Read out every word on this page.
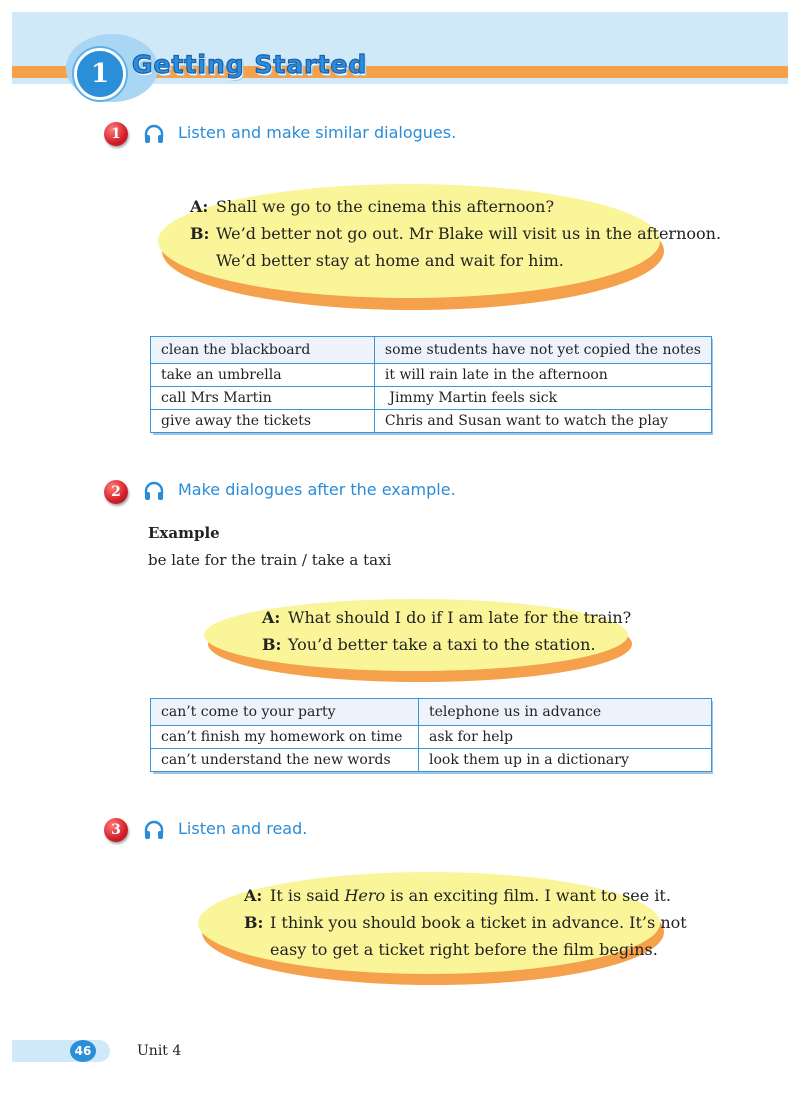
1 Getting Started
1	Listen and make similar dialogues.
A: Shall we go to the cinema this afternoon?
B: We’d better not go out. Mr Blake will visit us in the afternoon.
We’d better stay at home and wait for him.
clean the blackboard	some students have not yet copied the notes
take an umbrella	it will rain late in the afternoon
call Mrs Martin	Jimmy Martin feels sick
give away the tickets	Chris and Susan want to watch the play
2	Make dialogues after the example.
Example
be late for the train / take a taxi
A: What should I do if I am late for the train?
B: You’d better take a taxi to the station.
can’t come to your party	telephone us in advance
can’t finish my homework on time	ask for help
can’t understand the new words	look them up in a dictionary
3	Listen and read.
A: It is said Hero is an exciting film. I want to see it.
B: I think you should book a ticket in advance. It’s not
easy to get a ticket right before the film begins.
46	Unit 4
